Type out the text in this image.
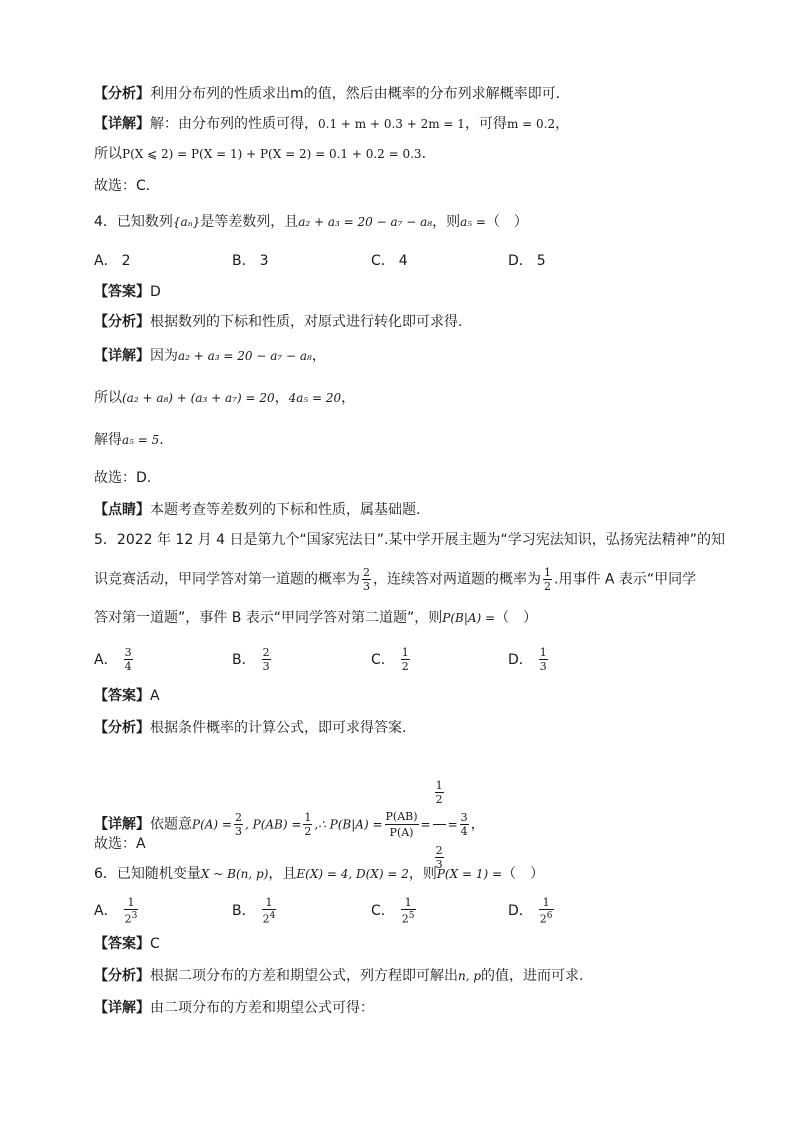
【分析】利用分布列的性质求出m的值，然后由概率的分布列求解概率即可．
【详解】解：由分布列的性质可得，0.1 + m + 0.3 + 2m = 1，可得m = 0.2，
所以P(X ⩽ 2) = P(X = 1) + P(X = 2) = 0.1 + 0.2 = 0.3．
故选：C．
4．已知数列{aₙ}是等差数列，且a₂ + a₃ = 20 − a₇ − a₈，则a₅ =（　）
A． 2	B． 3	C． 4	D． 5
【答案】D
【分析】根据数列的下标和性质，对原式进行转化即可求得.
【详解】因为a₂ + a₃ = 20 − a₇ − a₈，
所以(a₂ + a₈) + (a₃ + a₇) = 20，4a₅ = 20，
解得a₅ = 5.
故选：D.
【点睛】本题考查等差数列的下标和性质，属基础题.
5．2022 年 12 月 4 日是第九个“国家宪法日”.某中学开展主题为“学习宪法知识，弘扬宪法精神”的知
识竞赛活动，甲同学答对第一道题的概率为 $\frac{2}{3}$ ，连续答对两道题的概率为 $\frac{1}{2}$ .用事件 A 表示“甲同学
答对第一道题”，事件 B 表示“甲同学答对第二道题”，则P(B|A) =（　）
A． $\frac{3}{4}$	B． $\frac{2}{3}$	C． $\frac{1}{2}$	D． $\frac{1}{3}$
【答案】A
【分析】根据条件概率的计算公式，即可求得答案.
【详解】依题意$P(A) = \frac{2}{3}$ , $P(AB) = \frac{1}{2}$ ,∴ $P(B|A) = \frac{P(AB)}{P(A)} = \frac{\frac{1}{2}}{\frac{2}{3}} = \frac{3}{4}$ ，
故选：A
6．已知随机变量X ~ B(n, p)，且E(X) = 4, D(X) = 2，则P(X = 1) =（　）
A． $\frac{1}{2^3}$	B． $\frac{1}{2^4}$	C． $\frac{1}{2^5}$	D． $\frac{1}{2^6}$
【答案】C
【分析】根据二项分布的方差和期望公式，列方程即可解出n, p的值，进而可求.
【详解】由二项分布的方差和期望公式可得：
